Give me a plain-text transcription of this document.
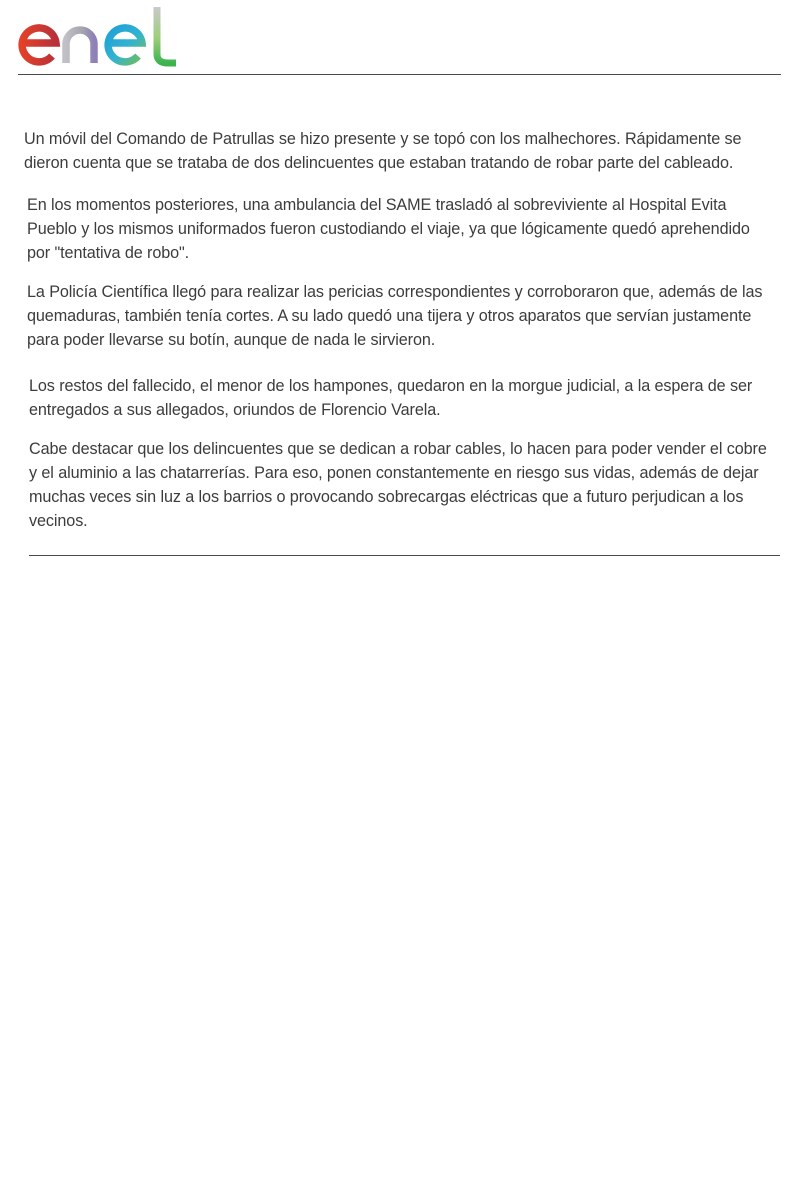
Un móvil del Comando de Patrullas se hizo presente y se topó con los malhechores. Rápidamente se dieron cuenta que se trataba de dos delincuentes que estaban tratando de robar parte del cableado.

En los momentos posteriores, una ambulancia del SAME trasladó al sobreviviente al Hospital Evita Pueblo y los mismos uniformados fueron custodiando el viaje, ya que lógicamente quedó aprehendido por "tentativa de robo".

La Policía Científica llegó para realizar las pericias correspondientes y corroboraron que, además de las quemaduras, también tenía cortes. A su lado quedó una tijera y otros aparatos que servían justamente para poder llevarse su botín, aunque de nada le sirvieron.

Los restos del fallecido, el menor de los hampones, quedaron en la morgue judicial, a la espera de ser entregados a sus allegados, oriundos de Florencio Varela.

Cabe destacar que los delincuentes que se dedican a robar cables, lo hacen para poder vender el cobre y el aluminio a las chatarrerías. Para eso, ponen constantemente en riesgo sus vidas, además de dejar muchas veces sin luz a los barrios o provocando sobrecargas eléctricas que a futuro perjudican a los vecinos.
